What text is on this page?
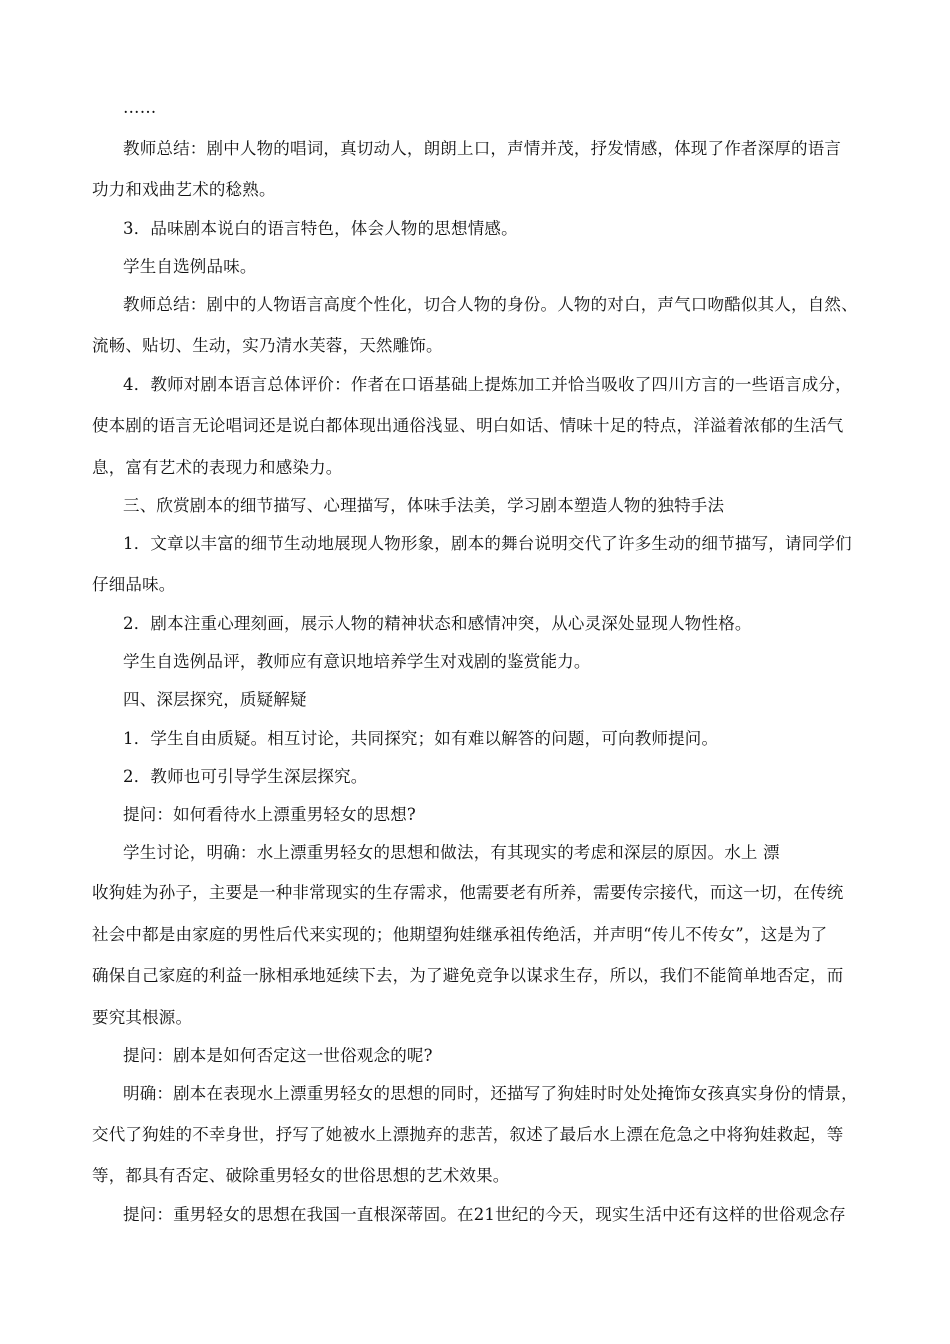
……
教师总结：剧中人物的唱词，真切动人，朗朗上口，声情并茂，抒发情感，体现了作者深厚的语言
功力和戏曲艺术的稔熟。
3．品味剧本说白的语言特色，体会人物的思想情感。
学生自选例品味。
教师总结：剧中的人物语言高度个性化，切合人物的身份。人物的对白，声气口吻酷似其人，自然、
流畅、贴切、生动，实乃清水芙蓉，天然雕饰。
4．教师对剧本语言总体评价：作者在口语基础上提炼加工并恰当吸收了四川方言的一些语言成分，
使本剧的语言无论唱词还是说白都体现出通俗浅显、明白如话、情味十足的特点，洋溢着浓郁的生活气
息，富有艺术的表现力和感染力。
三、欣赏剧本的细节描写、心理描写，体味手法美，学习剧本塑造人物的独特手法
1．文章以丰富的细节生动地展现人物形象，剧本的舞台说明交代了许多生动的细节描写，请同学们
仔细品味。
2．剧本注重心理刻画，展示人物的精神状态和感情冲突，从心灵深处显现人物性格。
学生自选例品评，教师应有意识地培养学生对戏剧的鉴赏能力。
四、深层探究，质疑解疑
1．学生自由质疑。相互讨论，共同探究；如有难以解答的问题，可向教师提问。
2．教师也可引导学生深层探究。
提问：如何看待水上漂重男轻女的思想?
学生讨论，明确：水上漂重男轻女的思想和做法，有其现实的考虑和深层的原因。水上 漂
收狗娃为孙子，主要是一种非常现实的生存需求，他需要老有所养，需要传宗接代，而这一切，在传统
社会中都是由家庭的男性后代来实现的；他期望狗娃继承祖传绝活，并声明“传儿不传女”，这是为了
确保自己家庭的利益一脉相承地延续下去，为了避免竞争以谋求生存，所以，我们不能简单地否定，而
要究其根源。
提问：剧本是如何否定这一世俗观念的呢?
明确：剧本在表现水上漂重男轻女的思想的同时，还描写了狗娃时时处处掩饰女孩真实身份的情景，
交代了狗娃的不幸身世，抒写了她被水上漂抛弃的悲苦，叙述了最后水上漂在危急之中将狗娃救起，等
等，都具有否定、破除重男轻女的世俗思想的艺术效果。
提问：重男轻女的思想在我国一直根深蒂固。在21世纪的今天，现实生活中还有这样的世俗观念存
